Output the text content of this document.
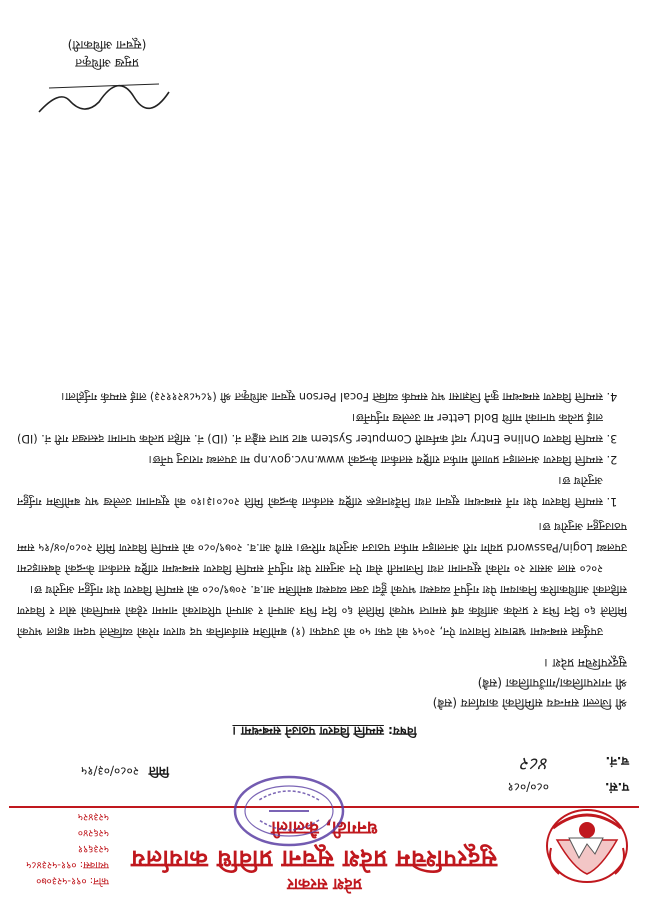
प्रदेश सरकार
सुदूरपश्चिम प्रदेश सूचना प्रविधि कार्यालय
धनगढी, कैलाली
फोन: ०९१-५२३०७०
फ्याक्स: ०९१-५२३४८५
५२३६९१
५२६२४०
५२३४२५
प.सं.
०८०/०८१
च.नं.
४८२
मिति
२०८०/०३/१५
विषय: सम्पत्ति विवरण पठाउने सम्बन्धमा ।
श्री जिल्ला समन्वय समितिको कार्यालय (सबै)
श्री नगरपालिका/गाउँपालिका (सबै)
सुदूरपश्चिम प्रदेश ।

उपर्युक्त सम्बन्धमा भ्रष्टाचार निवारण ऐन, २०५९ को दफा ५० को उपदफा (१) बमोजिम सार्वजनिक पद धारण गरेको व्यक्तिले पदमा बहाल भएको मितिले ६० दिन भित्र र प्रत्येक आर्थिक वर्ष समाप्त भएको मितिले ६० दिन भित्र आफ्नो र आफ्नो परिवारको नाममा रहेको सम्पत्तिको स्रोत र विवरण सहितको आधिकारिक निकायमा पेश गर्नुपर्ने व्यवस्था भएको हुँदा उक्त व्यवस्था बमोजिम आ.व. २०७९/०८० को सम्पत्ति विवरण पेश गर्नुहुन अनुरोध छ।

२०८० साल असार २० गतेको सूचनामा तथा निजामती सेवा ऐन अनुसार पेश गर्नुपर्ने सम्पत्ति विवरण सम्बन्धमा राष्ट्रिय सतर्कता केन्द्रको वेबसाइटमा उपलब्ध Login/Password प्रयोग गरी अनलाइन मार्फत पठाउन अनुरोध गरिन्छ। साथै आ.व. २०७९/०८० को सम्पत्ति विवरण मिति २०८०/०४/१५ सम्म पठाउनुहुन अनुरोध छ।

1. सम्पत्ति विवरण पेश गर्ने सम्बन्धमा सूचना तथा निर्देशनहरू राष्ट्रिय सतर्कता केन्द्रको मिति २०८०।३।१० को सूचनामा उल्लेख भए बमोजिम गर्नुहुन अनुरोध छ।
2. सम्पत्ति विवरण अनलाइन प्रणाली मार्फत राष्ट्रिय सतर्कता केन्द्रको www.nvc.gov.np मा उपलब्ध गराउनु पर्नेछ।
3. सम्पत्ति विवरण Online Entry गर्दा कर्मचारी Computer System बाट प्राप्त सङ्केत नं. (ID) नं. सहित प्रत्येक पानामा दस्तखत गरी नं. (ID) लाई प्रत्येक पानाको माथि Bold Letter मा उल्लेख गर्नुपर्नेछ।
4. सम्पत्ति विवरण सम्बन्धमा कुनै जिज्ञासा भए सम्पर्क व्यक्ति Focal Person सूचना अधिकृत श्री (९८५८४२११२३) लाई सम्पर्क गर्नुहोला।
प्रमुख अधिकृत
(सूचना अधिकारी)
